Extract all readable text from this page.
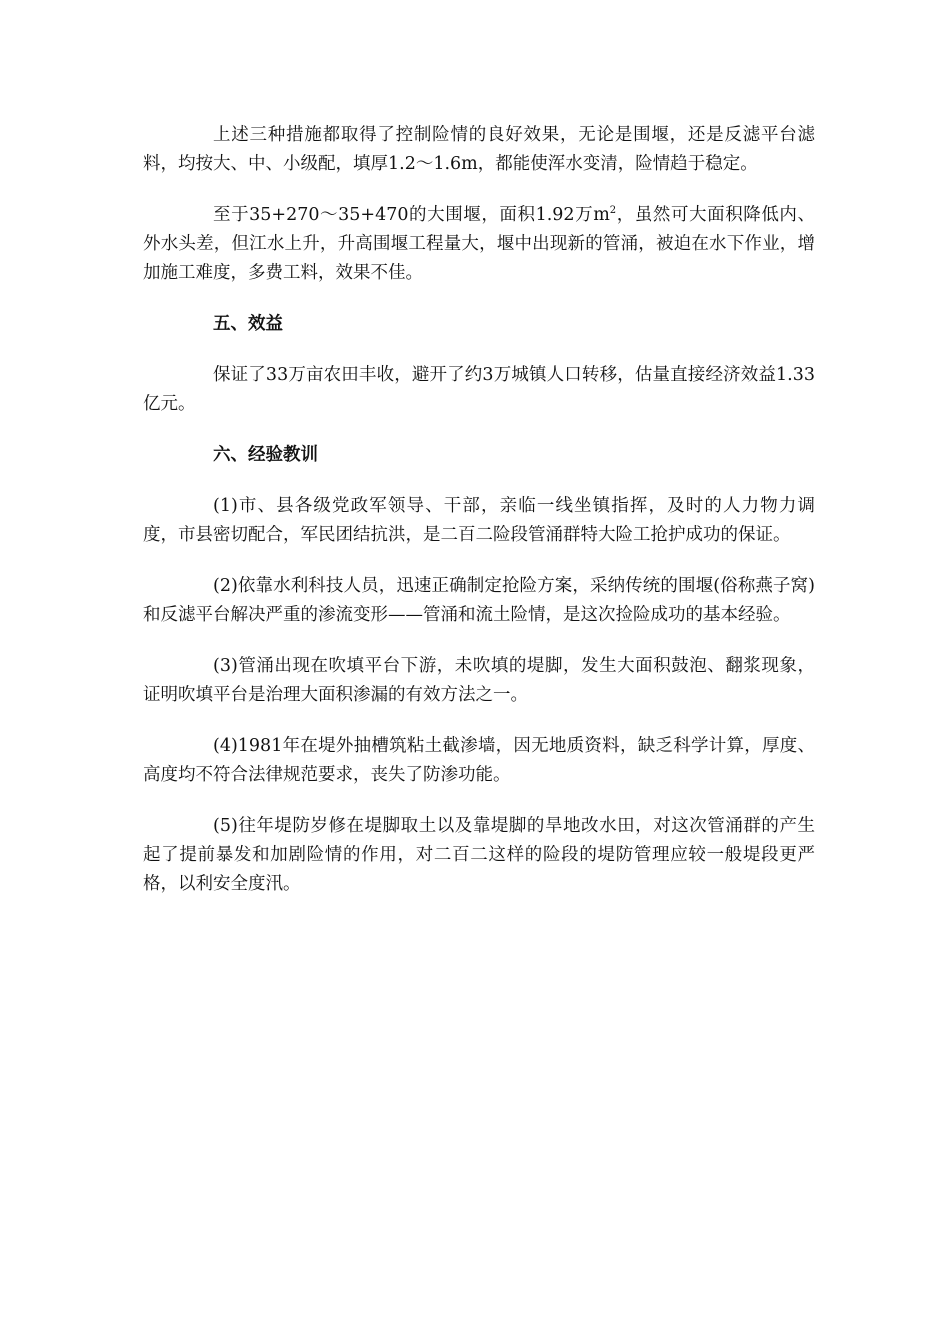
上述三种措施都取得了控制险情的良好效果，无论是围堰，还是反滤平台滤料，均按大、中、小级配，填厚1.2～1.6m，都能使浑水变清，险情趋于稳定。

至于35+270～35+470的大围堰，面积1.92万$m^2$，虽然可大面积降低内、外水头差，但江水上升，升高围堰工程量大，堰中出现新的管涌，被迫在水下作业，增加施工难度，多费工料，效果不佳。

五、效益

保证了33万亩农田丰收，避开了约3万城镇人口转移，估量直接经济效益1.33亿元。

六、经验教训

(1)市、县各级党政军领导、干部，亲临一线坐镇指挥，及时的人力物力调度，市县密切配合，军民团结抗洪，是二百二险段管涌群特大险工抢护成功的保证。

(2)依靠水利科技人员，迅速正确制定抢险方案，采纳传统的围堰(俗称燕子窝)和反滤平台解决严重的渗流变形——管涌和流土险情，是这次捡险成功的基本经验。

(3)管涌出现在吹填平台下游，未吹填的堤脚，发生大面积鼓泡、翻浆现象，证明吹填平台是治理大面积渗漏的有效方法之一。

(4)1981年在堤外抽槽筑粘土截渗墙，因无地质资料，缺乏科学计算，厚度、高度均不符合法律规范要求，丧失了防渗功能。

(5)往年堤防岁修在堤脚取土以及靠堤脚的旱地改水田，对这次管涌群的产生起了提前暴发和加剧险情的作用，对二百二这样的险段的堤防管理应较一般堤段更严格，以利安全度汛。
